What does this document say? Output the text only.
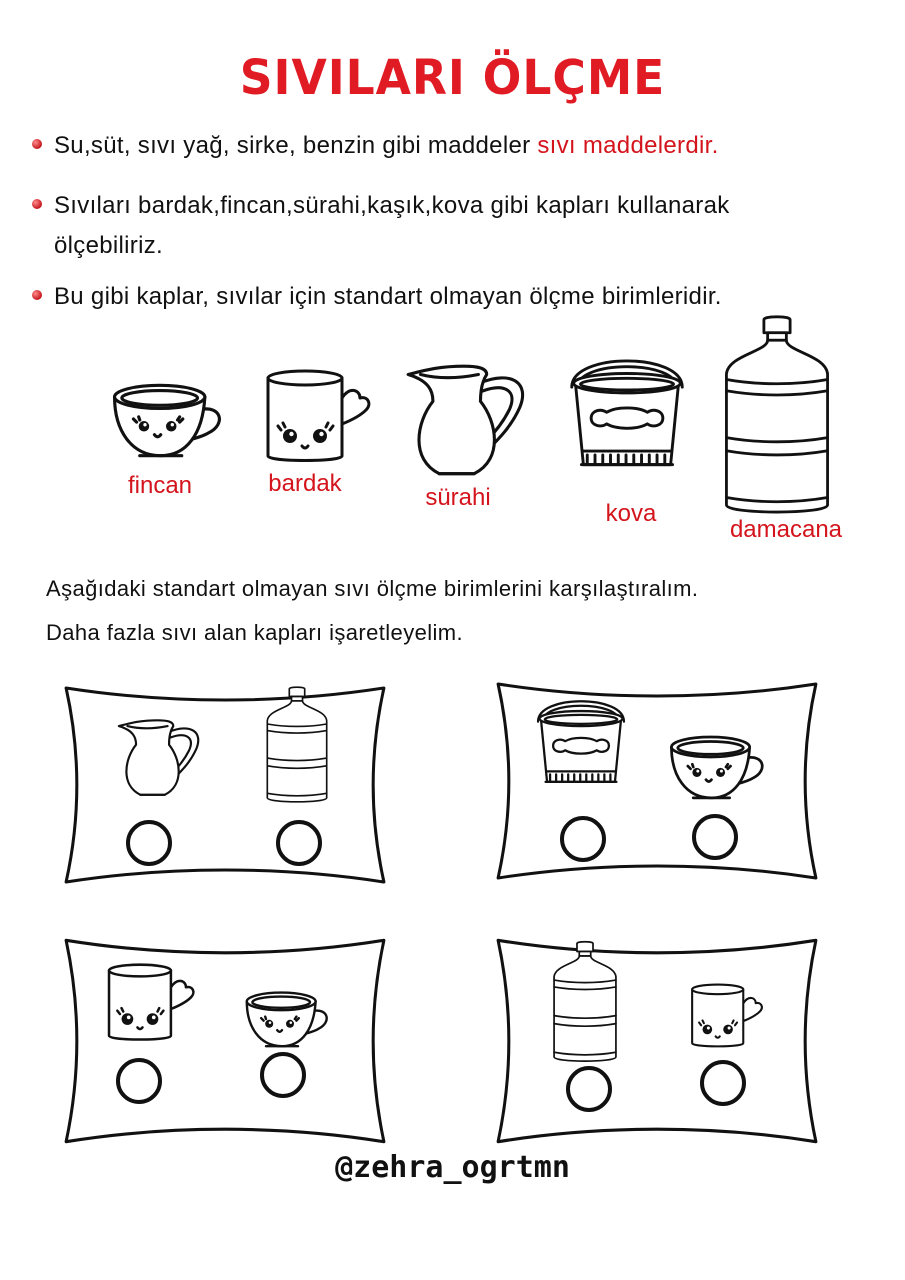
SIVILARI ÖLÇME
Su,süt, sıvı yağ, sirke, benzin gibi maddeler sıvı maddelerdir.
Sıvıları bardak,fincan,sürahi,kaşık,kova gibi kapları kullanarak
ölçebiliriz.
Bu gibi kaplar, sıvılar için standart olmayan ölçme birimleridir.
fincan	bardak
sürahi
kova
damacana
Aşağıdaki standart olmayan sıvı ölçme birimlerini karşılaştıralım.
Daha fazla sıvı alan kapları işaretleyelim.
@zehra_ogrtmn
